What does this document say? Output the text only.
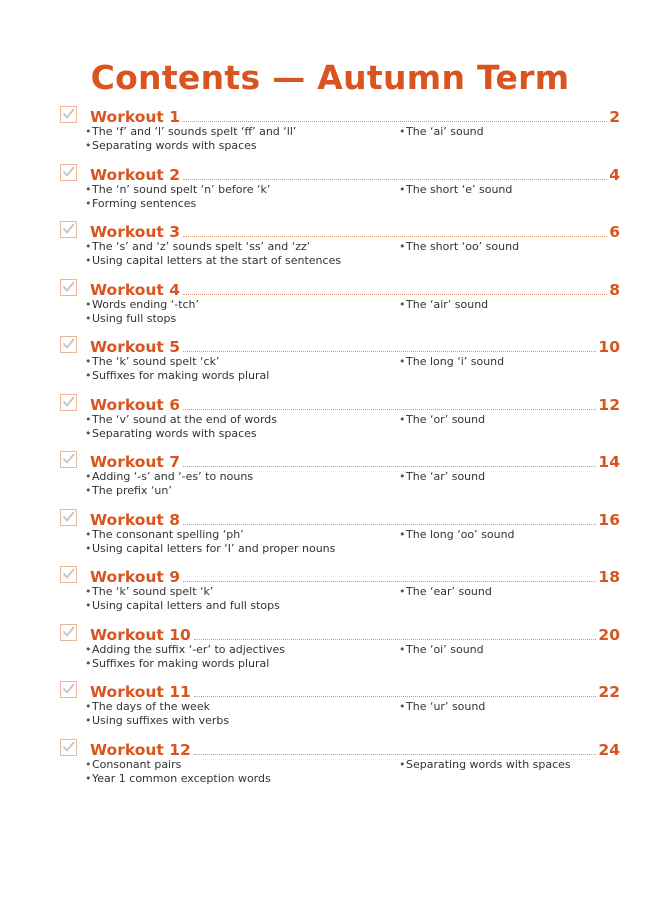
Contents — Autumn Term
Workout 1	2
•The ‘f’ and ‘l’ sounds spelt ‘ff’ and ‘ll’
•Separating words with spaces
•The ‘ai’ sound
Workout 2	4
•The ‘n’ sound spelt ‘n’ before ‘k’
•Forming sentences
•The short ‘e’ sound
Workout 3	6
•The ‘s’ and ‘z’ sounds spelt ‘ss’ and ‘zz’
•Using capital letters at the start of sentences
•The short ‘oo’ sound
Workout 4	8
•Words ending ‘-tch’
•Using full stops
•The ‘air’ sound
Workout 5	10
•The ‘k’ sound spelt ‘ck’
•Suffixes for making words plural
•The long ‘i’ sound
Workout 6	12
•The ‘v’ sound at the end of words
•Separating words with spaces
•The ‘or’ sound
Workout 7	14
•Adding ‘-s’ and ‘-es’ to nouns
•The prefix ‘un’
•The ‘ar’ sound
Workout 8	16
•The consonant spelling ‘ph’
•Using capital letters for ‘I’ and proper nouns
•The long ‘oo’ sound
Workout 9	18
•The ‘k’ sound spelt ‘k’
•Using capital letters and full stops
•The ‘ear’ sound
Workout 10	20
•Adding the suffix ‘-er’ to adjectives
•Suffixes for making words plural
•The ‘oi’ sound
Workout 11	22
•The days of the week
•Using suffixes with verbs
•The ‘ur’ sound
Workout 12	24
•Consonant pairs
•Year 1 common exception words
•Separating words with spaces
